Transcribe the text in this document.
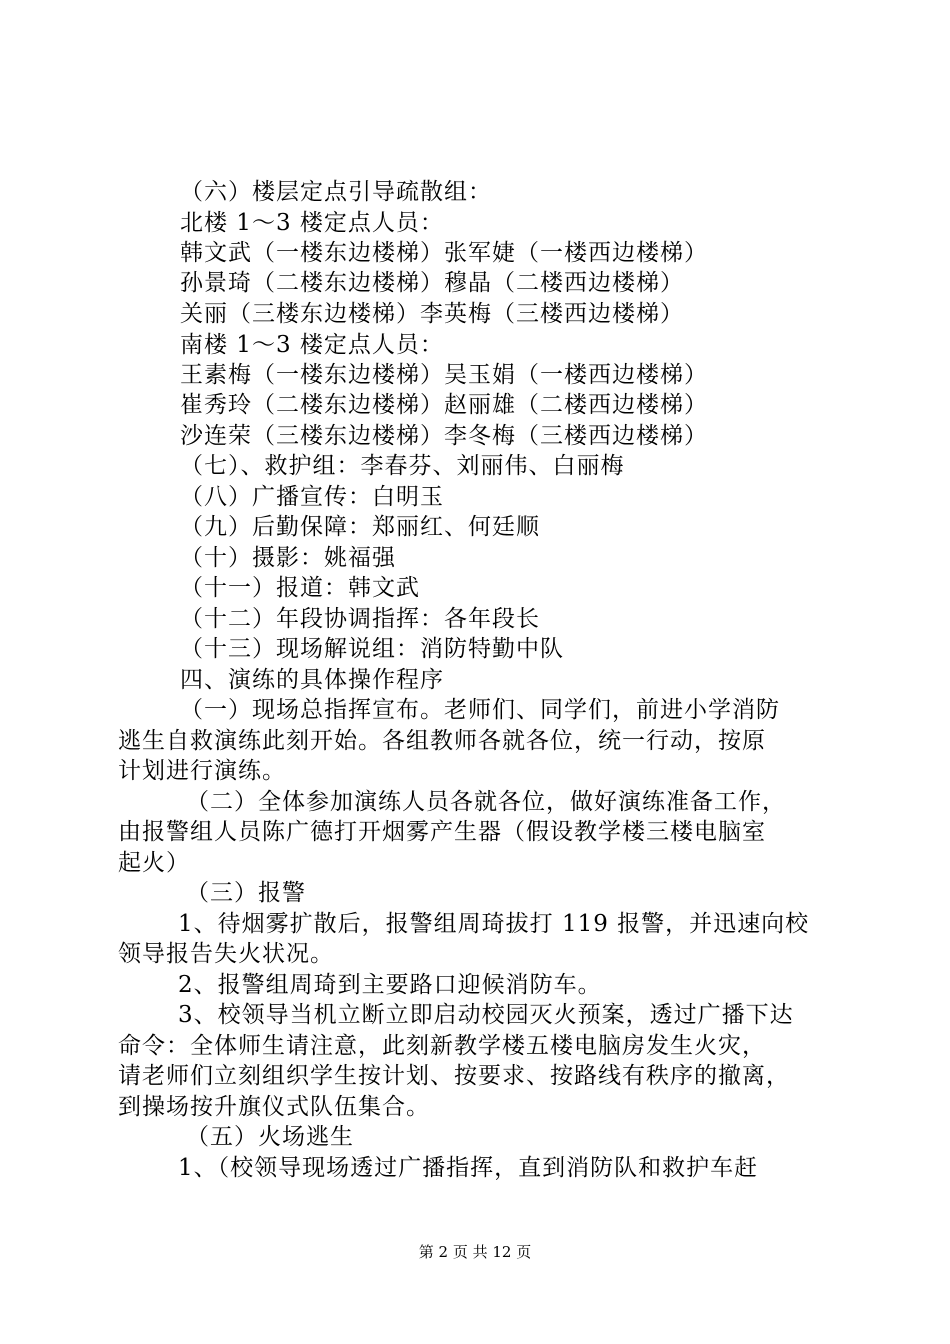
（六）楼层定点引导疏散组：
北楼 1～3 楼定点人员：
韩文武（一楼东边楼梯）张军婕（一楼西边楼梯）
孙景琦（二楼东边楼梯）穆晶（二楼西边楼梯）
关丽（三楼东边楼梯）李英梅（三楼西边楼梯）
南楼 1～3 楼定点人员：
王素梅（一楼东边楼梯）吴玉娟（一楼西边楼梯）
崔秀玲（二楼东边楼梯）赵丽雄（二楼西边楼梯）
沙连荣（三楼东边楼梯）李冬梅（三楼西边楼梯）
（七）、救护组：李春芬、刘丽伟、白丽梅
（八）广播宣传：白明玉
（九）后勤保障：郑丽红、何廷顺
（十）摄影：姚福强
（十一）报道：韩文武
（十二）年段协调指挥：各年段长
（十三）现场解说组：消防特勤中队
四、演练的具体操作程序
（一）现场总指挥宣布。老师们、同学们，前进小学消防
逃生自救演练此刻开始。各组教师各就各位，统一行动，按原
计划进行演练。
（二）全体参加演练人员各就各位，做好演练准备工作，
由报警组人员陈广德打开烟雾产生器（假设教学楼三楼电脑室
起火）
（三）报警
1、待烟雾扩散后，报警组周琦拔打 119 报警，并迅速向校
领导报告失火状况。
2、报警组周琦到主要路口迎候消防车。
3、校领导当机立断立即启动校园灭火预案，透过广播下达
命令：全体师生请注意，此刻新教学楼五楼电脑房发生火灾，
请老师们立刻组织学生按计划、按要求、按路线有秩序的撤离，
到操场按升旗仪式队伍集合。
（五）火场逃生
1、（校领导现场透过广播指挥，直到消防队和救护车赶
第 2 页 共 12 页
